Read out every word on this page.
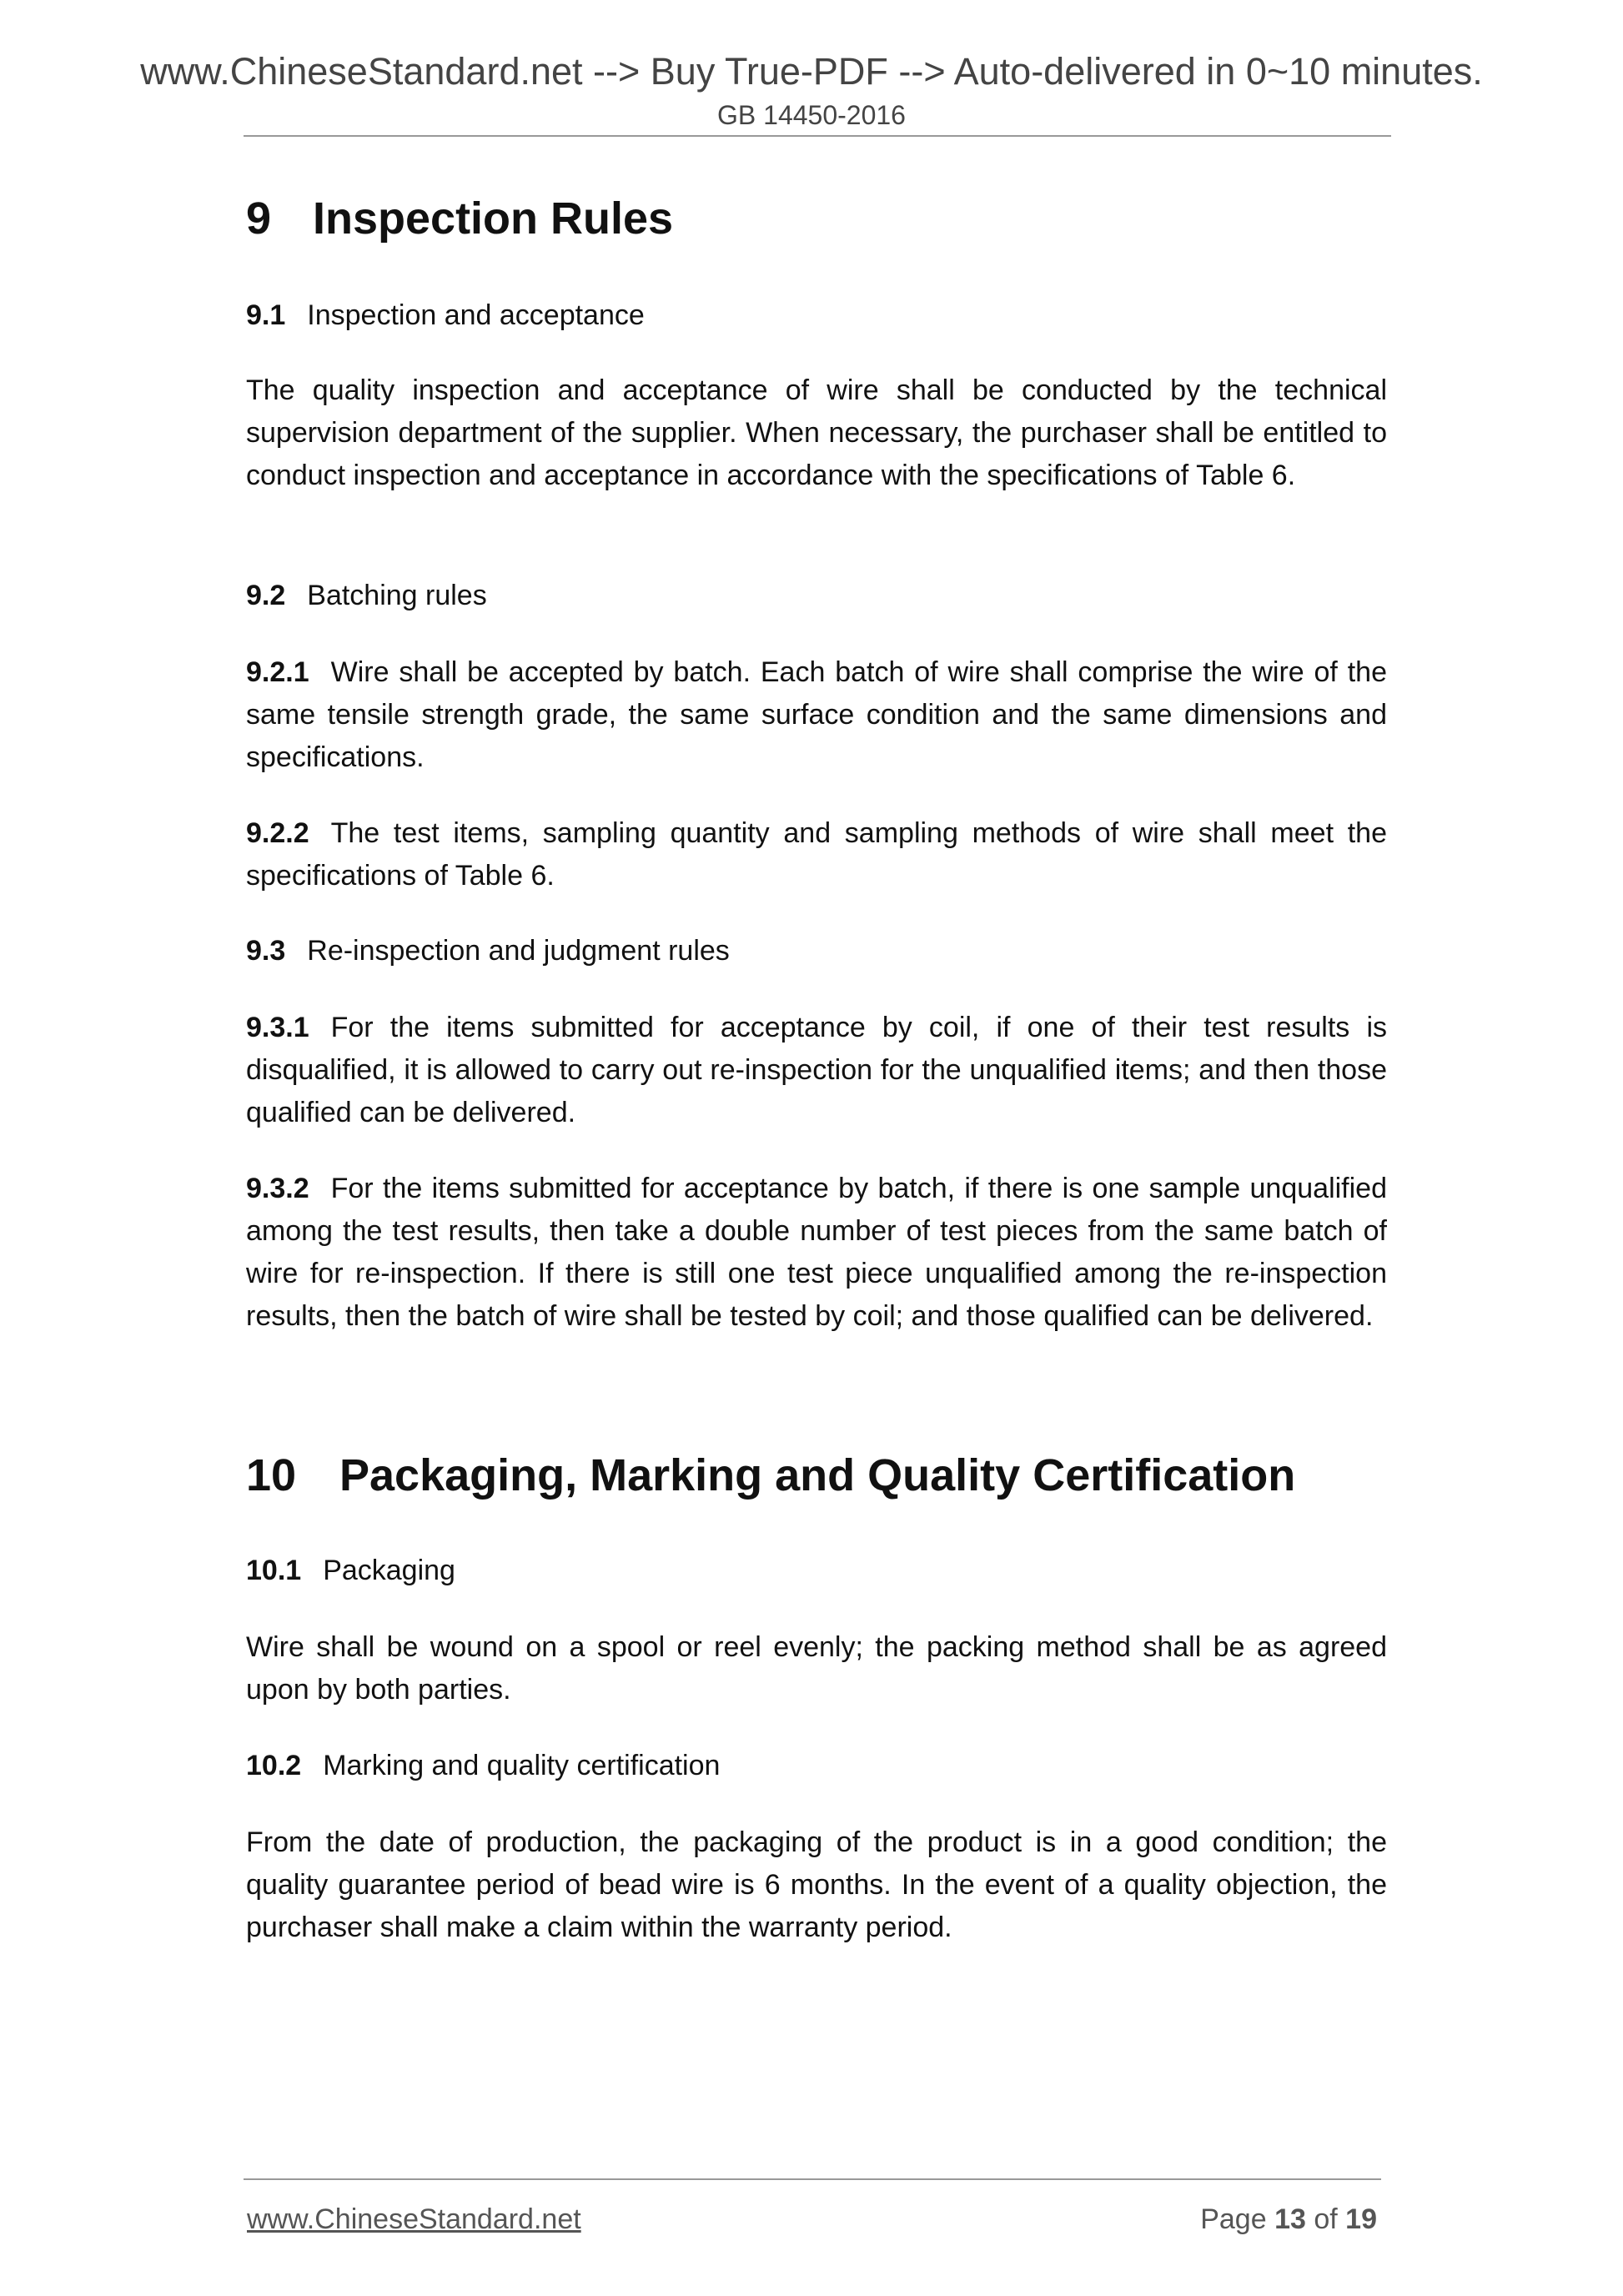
www.ChineseStandard.net --> Buy True-PDF --> Auto-delivered in 0~10 minutes.
GB 14450-2016
9 Inspection Rules
9.1 Inspection and acceptance
The quality inspection and acceptance of wire shall be conducted by the technical supervision department of the supplier. When necessary, the purchaser shall be entitled to conduct inspection and acceptance in accordance with the specifications of Table 6.
9.2 Batching rules
9.2.1 Wire shall be accepted by batch. Each batch of wire shall comprise the wire of the same tensile strength grade, the same surface condition and the same dimensions and specifications.
9.2.2 The test items, sampling quantity and sampling methods of wire shall meet the specifications of Table 6.
9.3 Re-inspection and judgment rules
9.3.1 For the items submitted for acceptance by coil, if one of their test results is disqualified, it is allowed to carry out re-inspection for the unqualified items; and then those qualified can be delivered.
9.3.2 For the items submitted for acceptance by batch, if there is one sample unqualified among the test results, then take a double number of test pieces from the same batch of wire for re-inspection. If there is still one test piece unqualified among the re-inspection results, then the batch of wire shall be tested by coil; and those qualified can be delivered.
10 Packaging, Marking and Quality Certification
10.1 Packaging
Wire shall be wound on a spool or reel evenly; the packing method shall be as agreed upon by both parties.
10.2 Marking and quality certification
From the date of production, the packaging of the product is in a good condition; the quality guarantee period of bead wire is 6 months. In the event of a quality objection, the purchaser shall make a claim within the warranty period.
www.ChineseStandard.net	Page 13 of 19
